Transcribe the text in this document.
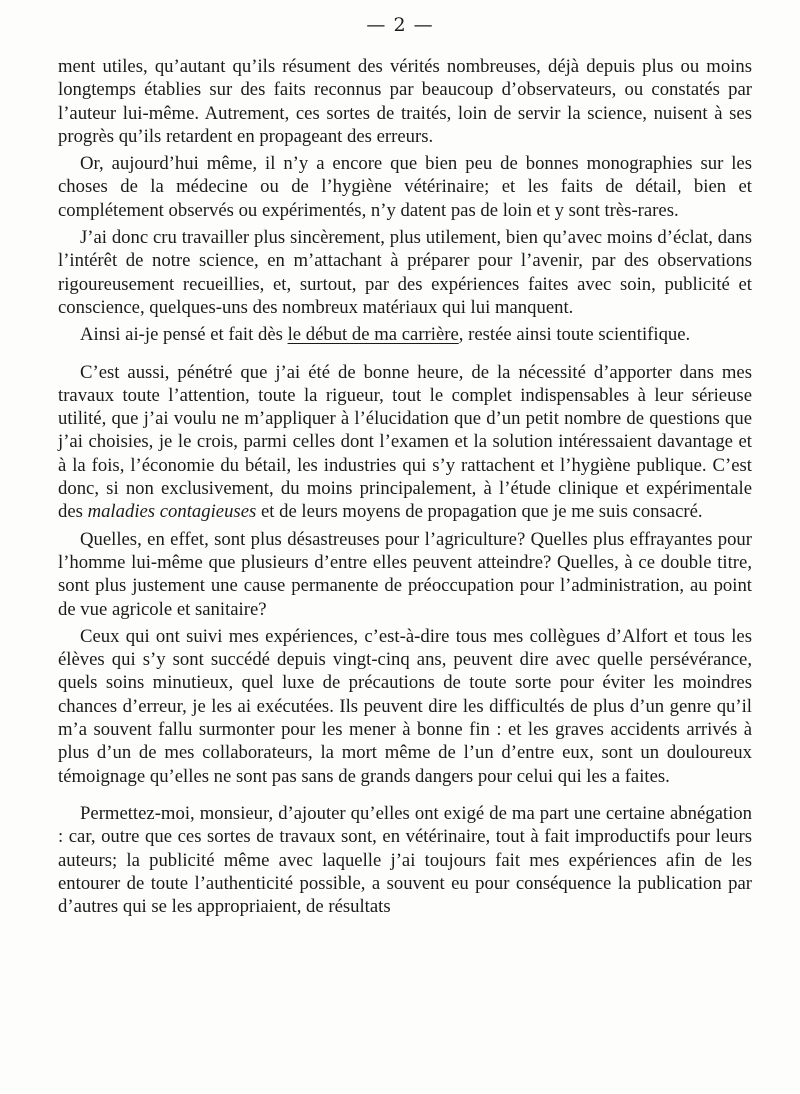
— 2 —

ment utiles, qu’autant qu’ils résument des vérités nombreuses, déjà depuis plus ou moins longtemps établies sur des faits reconnus par beaucoup d’observateurs, ou constatés par l’auteur lui-même. Autrement, ces sortes de traités, loin de servir la science, nuisent à ses progrès qu’ils retardent en propageant des erreurs.

Or, aujourd’hui même, il n’y a encore que bien peu de bonnes monographies sur les choses de la médecine ou de l’hygiène vétérinaire; et les faits de détail, bien et complétement observés ou expérimentés, n’y datent pas de loin et y sont très-rares.

J’ai donc cru travailler plus sincèrement, plus utilement, bien qu’avec moins d’éclat, dans l’intérêt de notre science, en m’attachant à préparer pour l’avenir, par des observations rigoureusement recueillies, et, surtout, par des expériences faites avec soin, publicité et conscience, quelques-uns des nombreux matériaux qui lui manquent.

Ainsi ai-je pensé et fait dès le début de ma carrière, restée ainsi toute scientifique.

C’est aussi, pénétré que j’ai été de bonne heure, de la nécessité d’apporter dans mes travaux toute l’attention, toute la rigueur, tout le complet indispensables à leur sérieuse utilité, que j’ai voulu ne m’appliquer à l’élucidation que d’un petit nombre de questions que j’ai choisies, je le crois, parmi celles dont l’examen et la solution intéressaient davantage et à la fois, l’économie du bétail, les industries qui s’y rattachent et l’hygiène publique. C’est donc, si non exclusivement, du moins principalement, à l’étude clinique et expérimentale des maladies contagieuses et de leurs moyens de propagation que je me suis consacré.

Quelles, en effet, sont plus désastreuses pour l’agriculture? Quelles plus effrayantes pour l’homme lui-même que plusieurs d’entre elles peuvent atteindre? Quelles, à ce double titre, sont plus justement une cause permanente de préoccupation pour l’administration, au point de vue agricole et sanitaire?

Ceux qui ont suivi mes expériences, c’est-à-dire tous mes collègues d’Alfort et tous les élèves qui s’y sont succédé depuis vingt-cinq ans, peuvent dire avec quelle persévérance, quels soins minutieux, quel luxe de précautions de toute sorte pour éviter les moindres chances d’erreur, je les ai exécutées. Ils peuvent dire les difficultés de plus d’un genre qu’il m’a souvent fallu surmonter pour les mener à bonne fin : et les graves accidents arrivés à plus d’un de mes collaborateurs, la mort même de l’un d’entre eux, sont un douloureux témoignage qu’elles ne sont pas sans de grands dangers pour celui qui les a faites.

Permettez-moi, monsieur, d’ajouter qu’elles ont exigé de ma part une certaine abnégation : car, outre que ces sortes de travaux sont, en vétérinaire, tout à fait improductifs pour leurs auteurs; la publicité même avec laquelle j’ai toujours fait mes expériences afin de les entourer de toute l’authenticité possible, a souvent eu pour conséquence la publication par d’autres qui se les appropriaient, de résultats
